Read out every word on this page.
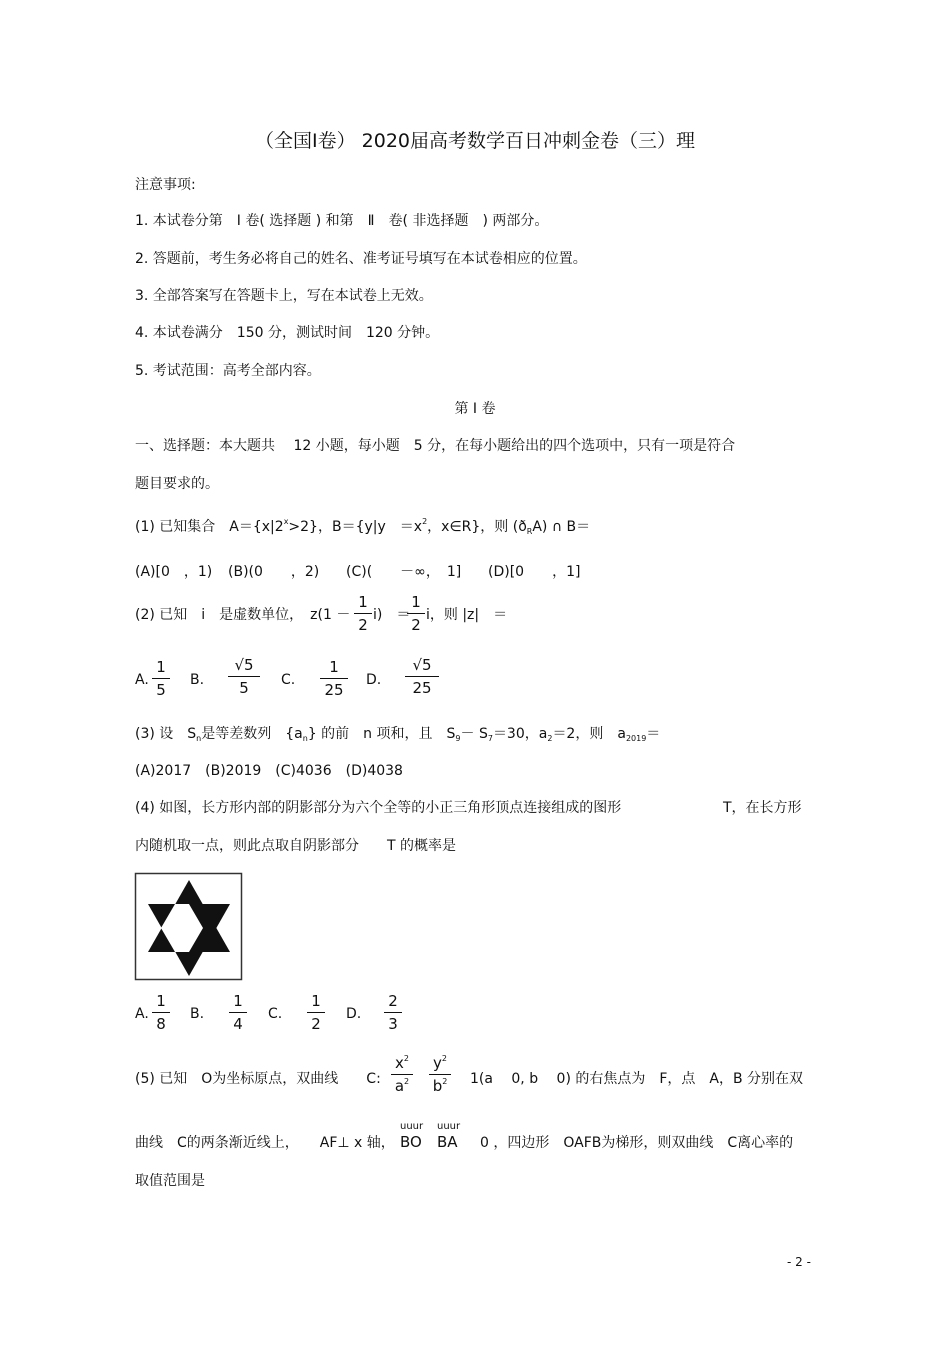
（全国Ⅰ卷） 2020届高考数学百日冲刺金卷（三）理
注意事项:
1. 本试卷分第　Ⅰ 卷( 选择题 ) 和第　Ⅱ　卷( 非选择题　) 两部分。
2. 答题前，考生务必将自己的姓名、准考证号填写在本试卷相应的位置。
3. 全部答案写在答题卡上，写在本试卷上无效。
4. 本试卷满分　150 分，测试时间　120 分钟。
5. 考试范围：高考全部内容。
第 Ⅰ 卷
一、选择题：本大题共　 12 小题，每小题　5 分，在每小题给出的四个选项中，只有一项是符合
题目要求的。
(1) 已知集合　$A=\{x|2^x>2\}$，B＝{y|y　$=x^2$，x∈R}，则 $(ð_RA)$ ∩ B＝
(A)[0　，1) (B)(0　　，2) (C)(　　－∞，　1] (D)[0　　，1]
(2) 已知　i　是虚数单位，　$z(1 - \frac{1}{2} i)$　＝
$\frac{1}{2}$ i，则 |z|　＝
A. $\frac{1}{5} B$. $\frac{√5}{5} C$. $\frac{1}{25} D$. $\frac{√5}{25}$
(3) 设　$S_n$是等差数列　$\{a_n\}$ 的前　n 项和，且　$S_9- S_7=30$，$a_2=2$，则　$a_{2019}=$
(A)2017　(B)2019　(C)4036　(D)4038
(4) 如图，长方形内部的阴影部分为六个全等的小正三角形顶点连接组成的图形	T，在长方形
内随机取一点，则此点取自阴影部分　　T 的概率是
A. $\frac{1}{8} B$. $\frac{1}{4} C$. $\frac{1}{2} D$. $\frac{2}{3}$
(5) 已知　O为坐标原点，双曲线　　C: $\frac{x^2}{a^2} \frac{y^2}{b^2} 1(a$　 0, b　 0) 的右焦点为　F，点　A，B 分别在双
曲线　C的两条渐近线上，　　AF⊥ x 轴，
uuur uuur
BO BA 0 ，四边形　OAFB为梯形，则双曲线　C离心率的
取值范围是
- 2 -
